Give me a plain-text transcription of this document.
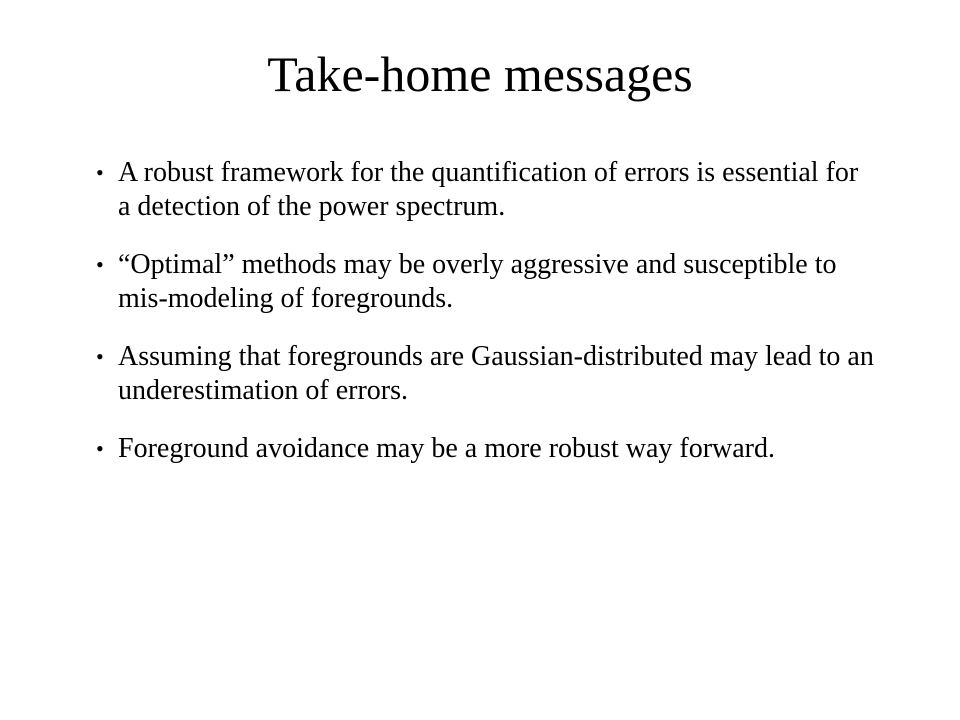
Take-home messages
• A robust framework for the quantification of errors is essential for a detection of the power spectrum.
• “Optimal” methods may be overly aggressive and susceptible to mis-modeling of foregrounds.
• Assuming that foregrounds are Gaussian-distributed may lead to an underestimation of errors.
• Foreground avoidance may be a more robust way forward.
